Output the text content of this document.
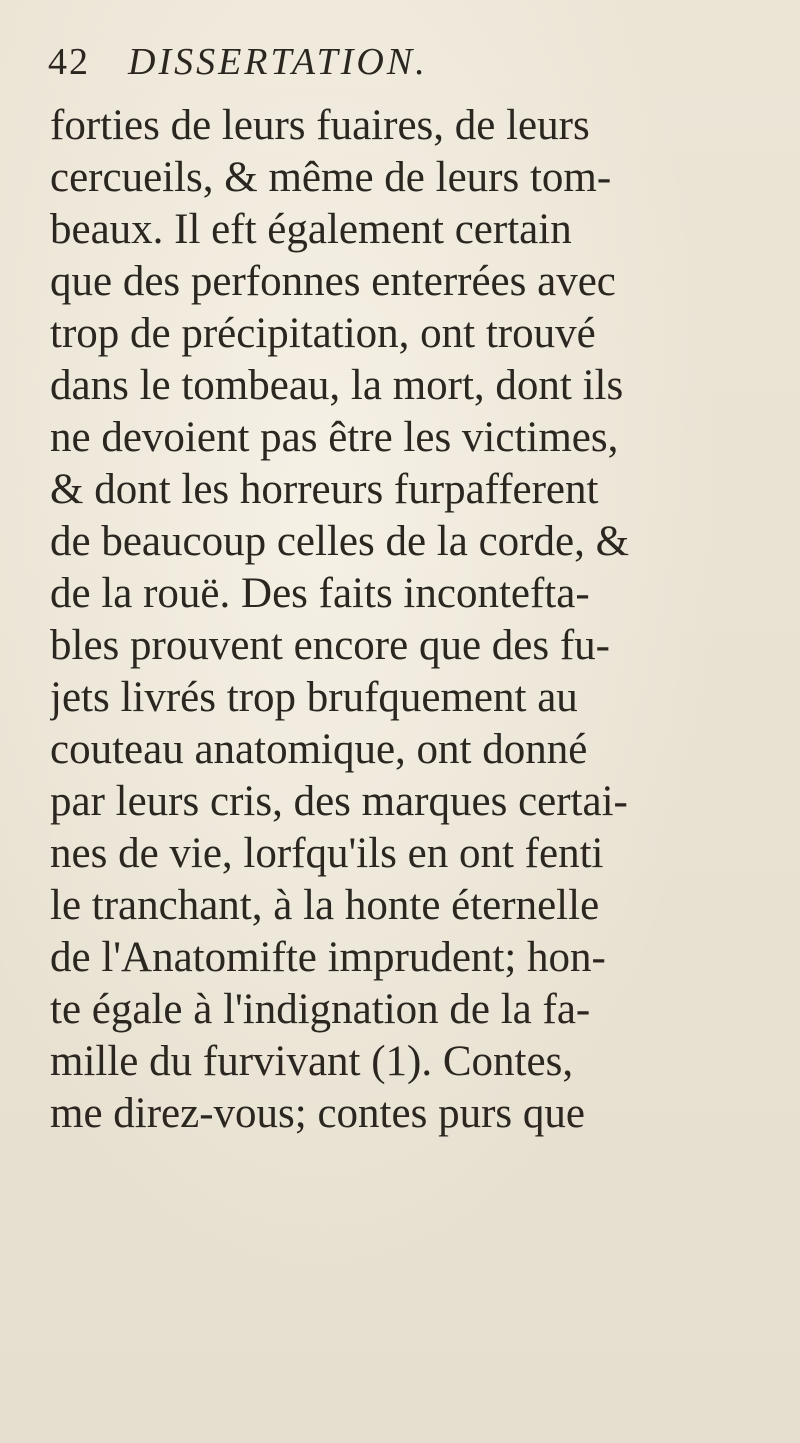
42 DISSERTATION.
forties de leurs fuaires, de leurs
cercueils, & même de leurs tom-
beaux. Il eft également certain
que des perfonnes enterrées avec
trop de précipitation, ont trouvé
dans le tombeau, la mort, dont ils
ne devoient pas être les victimes,
& dont les horreurs furpafferent
de beaucoup celles de la corde, &
de la rouë. Des faits incontefta-
bles prouvent encore que des fu-
jets livrés trop brufquement au
couteau anatomique, ont donné
par leurs cris, des marques certai-
nes de vie, lorfqu'ils en ont fenti
le tranchant, à la honte éternelle
de l'Anatomifte imprudent; hon-
te égale à l'indignation de la fa-
mille du furvivant (1). Contes,
me direz-vous; contes purs que
